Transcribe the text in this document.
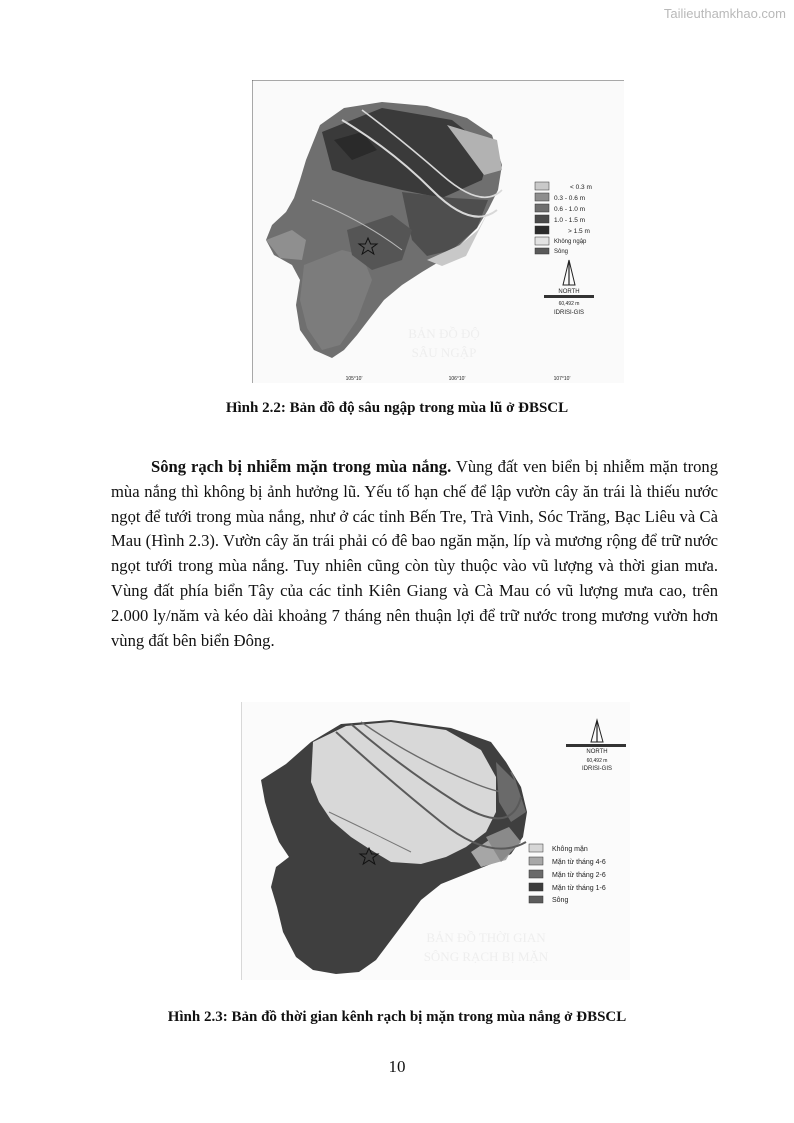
Tailieuthamkhao.com
BẢN ĐỒ ĐỘ
SÂU NGẬP
< 0.3 m
0.3 - 0.6 m
0.6 - 1.0 m
1.0 - 1.5 m
> 1.5 m
Không ngập
Sông
NORTH
60,492 m
IDRISI-GIS
105°10'	106°10'	107°10'
Hình 2.2: Bản đồ độ sâu ngập trong mùa lũ ở ĐBSCL
Sông rạch bị nhiễm mặn trong mùa nắng. Vùng đất ven biển bị nhiễm mặn trong mùa nắng thì không bị ảnh hưởng lũ. Yếu tố hạn chế để lập vườn cây ăn trái là thiếu nước ngọt để tưới trong mùa nắng, như ở các tỉnh Bến Tre, Trà Vinh, Sóc Trăng, Bạc Liêu và Cà Mau (Hình 2.3). Vườn cây ăn trái phải có đê bao ngăn mặn, líp và mương rộng để trữ nước ngọt tưới trong mùa nắng. Tuy nhiên cũng còn tùy thuộc vào vũ lượng và thời gian mưa. Vùng đất phía biển Tây của các tỉnh Kiên Giang và Cà Mau có vũ lượng mưa cao, trên 2.000 ly/năm và kéo dài khoảng 7 tháng nên thuận lợi để trữ nước trong mương vườn hơn vùng đất bên biển Đông.
BẢN ĐỒ THỜI GIAN
SÔNG RẠCH BỊ MẶN
NORTH
60,492 m
IDRISI-GIS
Không mặn
Mặn từ tháng 4-6
Mặn từ tháng 2-6
Mặn từ tháng 1-6
Sông
Hình 2.3: Bản đồ thời gian kênh rạch bị mặn trong mùa nắng ở ĐBSCL
10
